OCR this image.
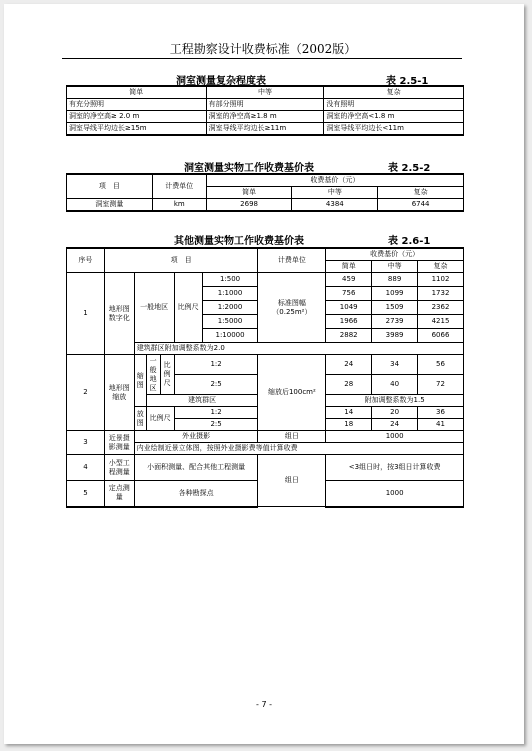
工程勘察设计收费标准（2002版）
洞室测量复杂程度表	表 2.5-1
简单	中等	复杂
有充分照明	有部分照明	没有照明
洞室的净空高≥ 2.0 m	洞室的净空高≥1.8 m	洞室的净空高<1.8 m
洞室导线平均边长≥15m	洞室导线平均边长≥11m	洞室导线平均边长<11m
洞室测量实物工作收费基价表	表 2.5-2
项　目	计费单位	收费基价（元）		
		简单	中等	复杂
洞室测量	km	2698	4384	6744
其他测量实物工作收费基价表	表 2.6-1
序号	项　目						计费单位	收费基价（元）		
								简单	中等	复杂
1	地形图数字化	一般地区			比例尺	1:500	标准图幅（0.25m²）	459	889	1102
						1:1000		756	1099	1732
						1:2000		1049	1509	2362
						1:5000		1966	2739	4215
						1:10000		2882	3989	6066
		建筑群区附加调整系数为2.0								
2	地形图缩放	缩图	一般地区	比例尺	1:2		缩放后100cm²	24	34	56
					2:5			28	40	72
			建筑群区					附加调整系数为1.5		
		放图	比例尺		1:2			14	20	36
					2:5			18	24	41
3	近景摄影测量	外业摄影					组日	1000		
		内业绘制近景立体图，按照外业摄影费等值计算收费								
4	小型工程测量	小面积测量、配合其他工程测量					组日	<3组日时，按3组日计算收费		
5	定点测量	各种勘探点						1000		
- 7 -
